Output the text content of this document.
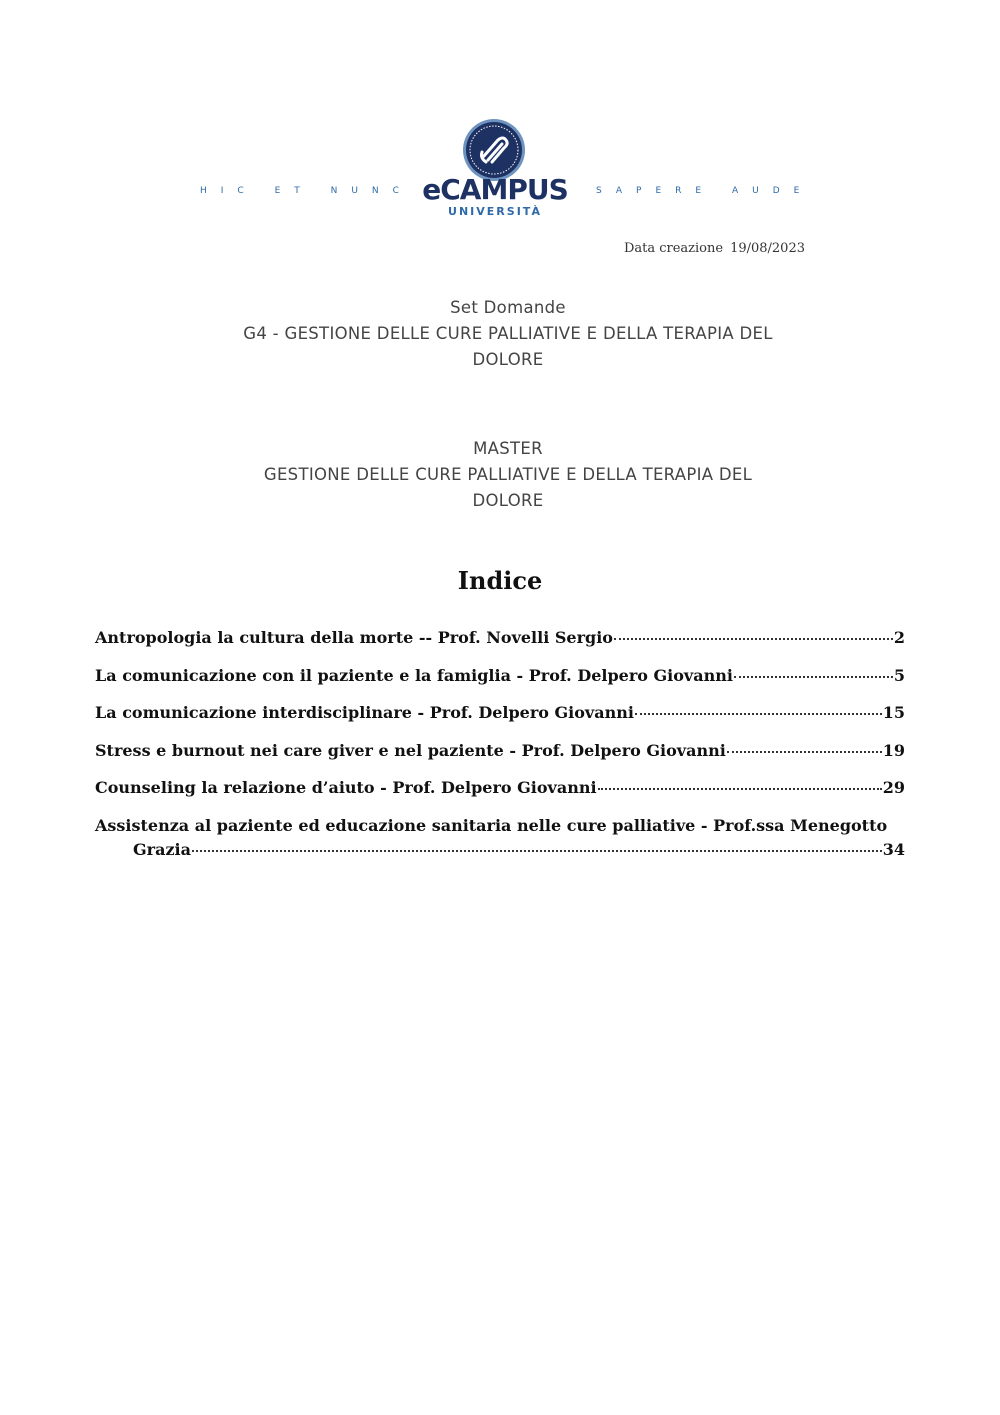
HIC ET NUNC eCAMPUS
UNIVERSITÀ
SAPERE AUDE
Data creazione 19/08/2023
Set Domande
G4 - GESTIONE DELLE CURE PALLIATIVE E DELLA TERAPIA DEL
DOLORE
MASTER
GESTIONE DELLE CURE PALLIATIVE E DELLA TERAPIA DEL
DOLORE
Indice
Antropologia la cultura della morte -- Prof. Novelli Sergio	2
La comunicazione con il paziente e la famiglia - Prof. Delpero Giovanni	5
La comunicazione interdisciplinare - Prof. Delpero Giovanni	15
Stress e burnout nei care giver e nel paziente - Prof. Delpero Giovanni	19
Counseling la relazione d’aiuto - Prof. Delpero Giovanni	29
Assistenza al paziente ed educazione sanitaria nelle cure palliative - Prof.ssa Menegotto
Grazia	34
